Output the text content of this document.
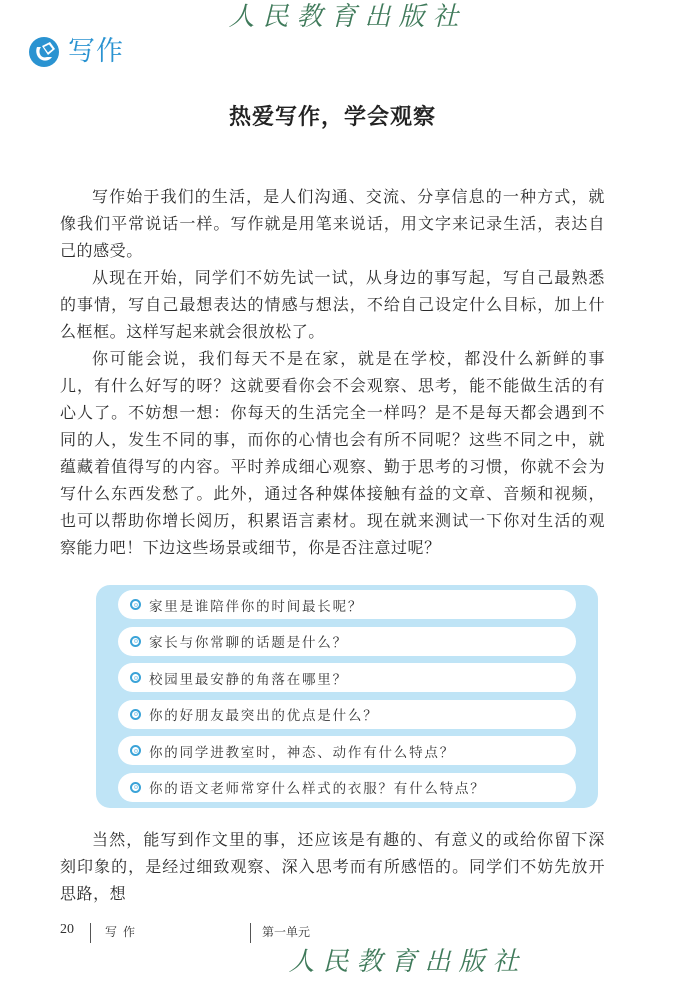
人民教育出版社
写作
热爱写作，学会观察

写作始于我们的生活，是人们沟通、交流、分享信息的一种方式，就像我们平常说话一样。写作就是用笔来说话，用文字来记录生活，表达自己的感受。

从现在开始，同学们不妨先试一试，从身边的事写起，写自己最熟悉的事情，写自己最想表达的情感与想法，不给自己设定什么目标，加上什么框框。这样写起来就会很放松了。

你可能会说，我们每天不是在家，就是在学校，都没什么新鲜的事儿，有什么好写的呀？这就要看你会不会观察、思考，能不能做生活的有心人了。不妨想一想：你每天的生活完全一样吗？是不是每天都会遇到不同的人，发生不同的事，而你的心情也会有所不同呢？这些不同之中，就蕴藏着值得写的内容。平时养成细心观察、勤于思考的习惯，你就不会为写什么东西发愁了。此外，通过各种媒体接触有益的文章、音频和视频，也可以帮助你增长阅历，积累语言素材。现在就来测试一下你对生活的观察能力吧！下边这些场景或细节，你是否注意过呢？

家里是谁陪伴你的时间最长呢？
家长与你常聊的话题是什么？
校园里最安静的角落在哪里？
你的好朋友最突出的优点是什么？
你的同学进教室时，神态、动作有什么特点？
你的语文老师常穿什么样式的衣服？有什么特点？

当然，能写到作文里的事，还应该是有趣的、有意义的或给你留下深刻印象的，是经过细致观察、深入思考而有所感悟的。同学们不妨先放开思路，想

20	写作	第一单元
人民教育出版社
